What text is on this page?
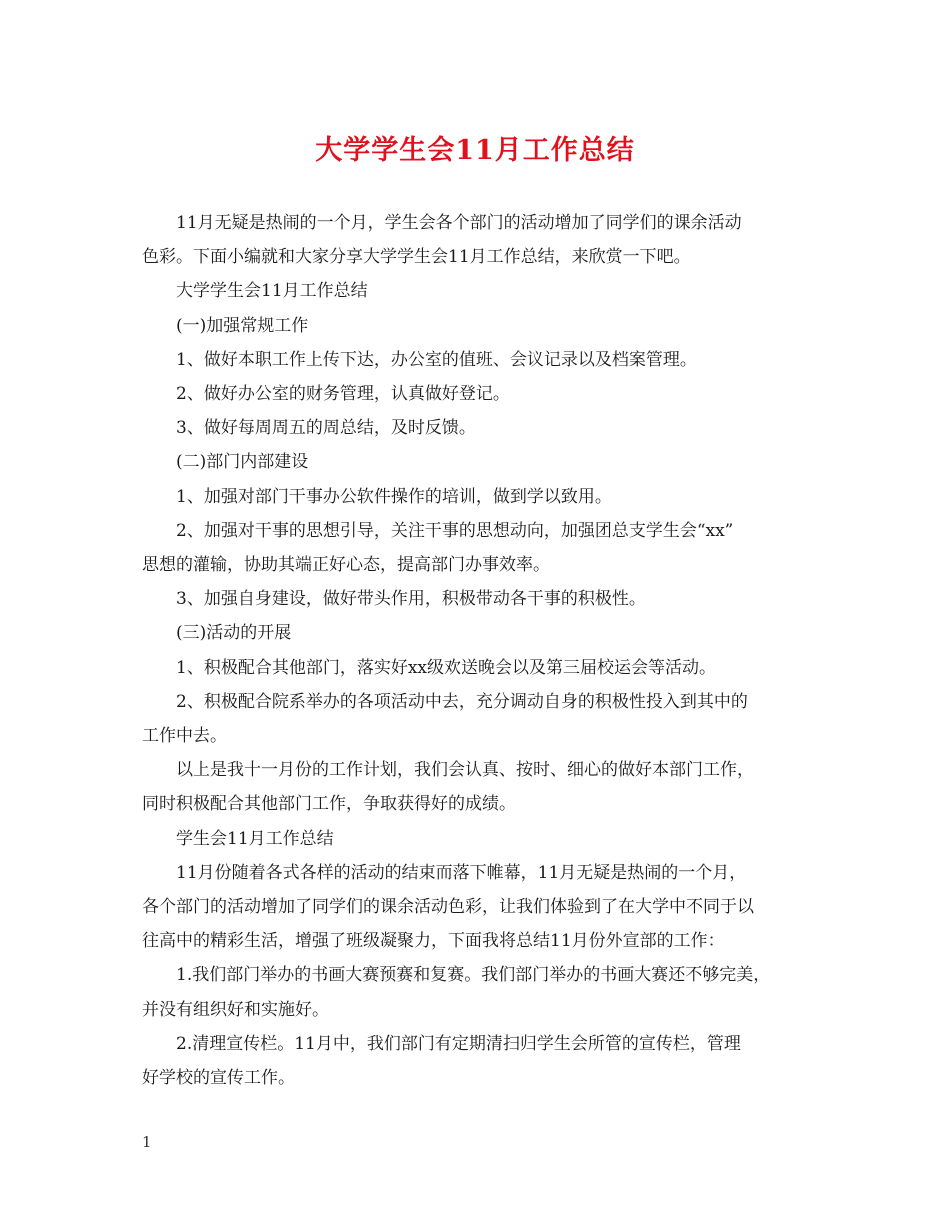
大学学生会11月工作总结

11月无疑是热闹的一个月，学生会各个部门的活动增加了同学们的课余活动

色彩。下面小编就和大家分享大学学生会11月工作总结，来欣赏一下吧。

大学学生会11月工作总结

(一)加强常规工作

1、做好本职工作上传下达，办公室的值班、会议记录以及档案管理。

2、做好办公室的财务管理，认真做好登记。

3、做好每周周五的周总结，及时反馈。

(二)部门内部建设

1、加强对部门干事办公软件操作的培训，做到学以致用。

2、加强对干事的思想引导，关注干事的思想动向，加强团总支学生会“xx”

思想的灌输，协助其端正好心态，提高部门办事效率。

3、加强自身建设，做好带头作用，积极带动各干事的积极性。

(三)活动的开展

1、积极配合其他部门，落实好xx级欢送晚会以及第三届校运会等活动。

2、积极配合院系举办的各项活动中去，充分调动自身的积极性投入到其中的

工作中去。

以上是我十一月份的工作计划，我们会认真、按时、细心的做好本部门工作，

同时积极配合其他部门工作，争取获得好的成绩。

学生会11月工作总结

11月份随着各式各样的活动的结束而落下帷幕，11月无疑是热闹的一个月，

各个部门的活动增加了同学们的课余活动色彩，让我们体验到了在大学中不同于以

往高中的精彩生活，增强了班级凝聚力，下面我将总结11月份外宣部的工作：

1.我们部门举办的书画大赛预赛和复赛。我们部门举办的书画大赛还不够完美，

并没有组织好和实施好。

2.清理宣传栏。11月中，我们部门有定期清扫归学生会所管的宣传栏，管理

好学校的宣传工作。

1
